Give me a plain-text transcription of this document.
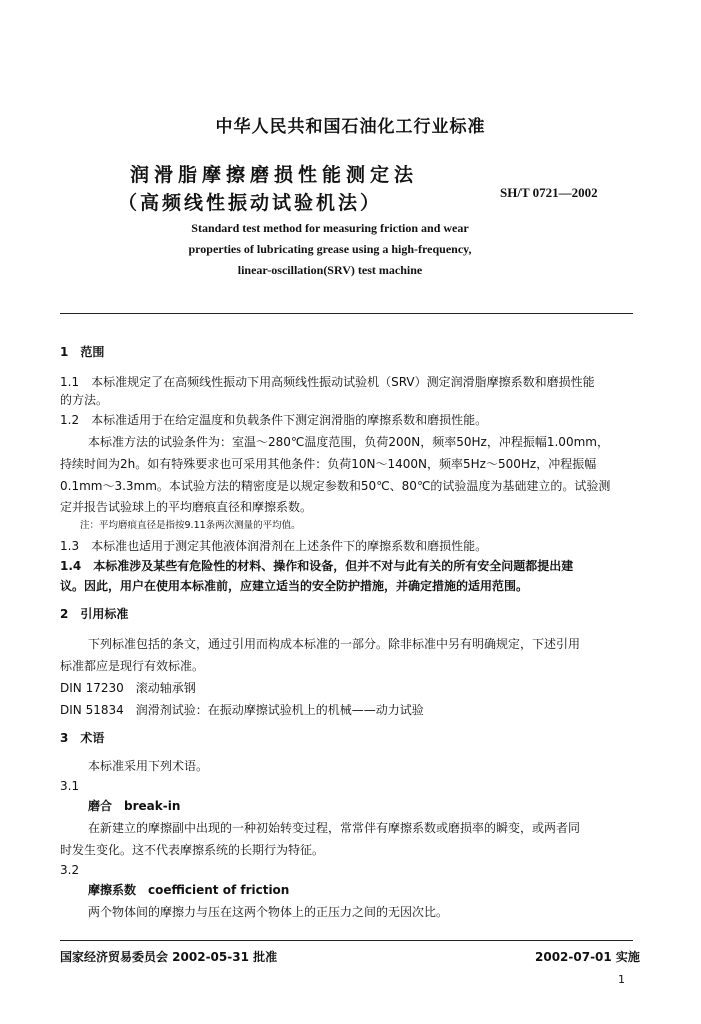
中华人民共和国石油化工行业标准
润滑脂摩擦磨损性能测定法
（高频线性振动试验机法）	SH/T 0721—2002
Standard test method for measuring friction and wear
properties of lubricating grease using a high-frequency,
linear-oscillation(SRV) test machine
1　范围
1.1　本标准规定了在高频线性振动下用高频线性振动试验机（SRV）测定润滑脂摩擦系数和磨损性能
的方法。
1.2　本标准适用于在给定温度和负载条件下测定润滑脂的摩擦系数和磨损性能。
本标准方法的试验条件为：室温～280℃温度范围，负荷200N，频率50Hz，冲程振幅1.00mm，
持续时间为2h。如有特殊要求也可采用其他条件：负荷10N～1400N，频率5Hz～500Hz，冲程振幅
0.1mm～3.3mm。本试验方法的精密度是以规定参数和50℃、80℃的试验温度为基础建立的。试验测
定并报告试验球上的平均磨痕直径和摩擦系数。
注：平均磨痕直径是指按9.11条两次测量的平均值。
1.3　本标准也适用于测定其他液体润滑剂在上述条件下的摩擦系数和磨损性能。
1.4　本标准涉及某些有危险性的材料、操作和设备，但并不对与此有关的所有安全问题都提出建
议。因此，用户在使用本标准前，应建立适当的安全防护措施，并确定措施的适用范围。
2　引用标准
下列标准包括的条文，通过引用而构成本标准的一部分。除非标准中另有明确规定，下述引用
标准都应是现行有效标准。
DIN 17230　滚动轴承钢
DIN 51834　润滑剂试验：在振动摩擦试验机上的机械——动力试验
3　术语
本标准采用下列术语。
3.1
磨合　break-in
在新建立的摩擦副中出现的一种初始转变过程，常常伴有摩擦系数或磨损率的瞬变，或两者同
时发生变化。这不代表摩擦系统的长期行为特征。
3.2
摩擦系数　coefficient of friction
两个物体间的摩擦力与压在这两个物体上的正压力之间的无因次比。
国家经济贸易委员会 2002-05-31 批准	2002-07-01 实施
1
